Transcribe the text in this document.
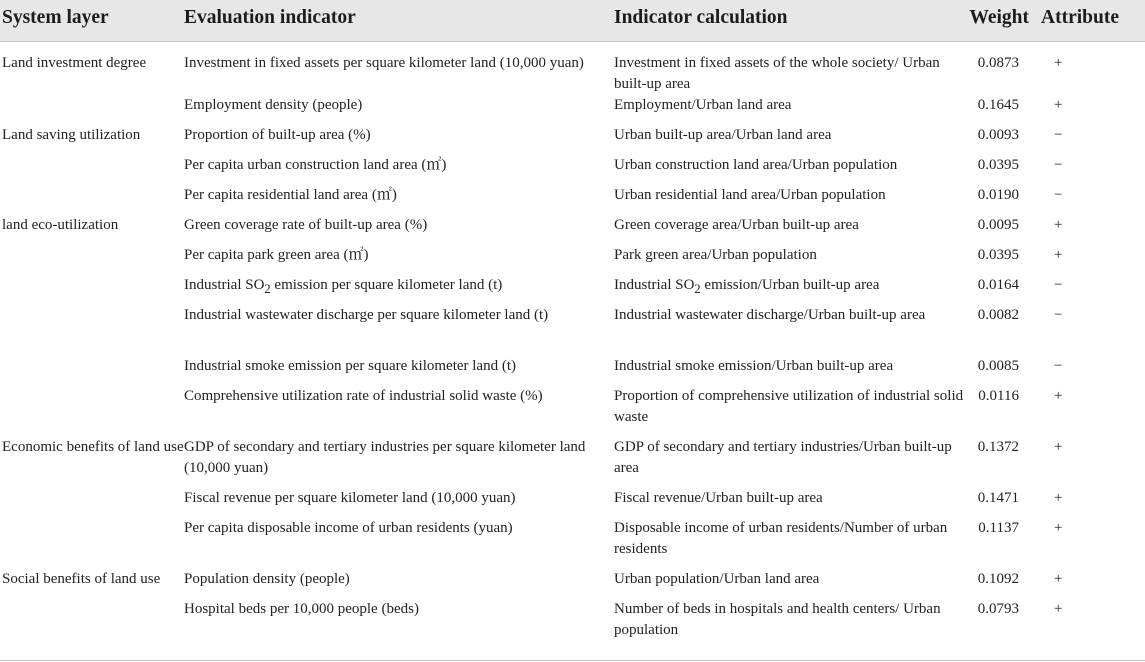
System layer	Evaluation indicator	Indicator calculation	Weight	Attribute
Land investment degree	Investment in fixed assets per square kilometer land (10,000 yuan)	Investment in fixed assets of the whole society/ Urban built-up area	0.0873	+
	Employment density (people)	Employment/Urban land area	0.1645	+
Land saving utilization	Proportion of built-up area (%)	Urban built-up area/Urban land area	0.0093	−
	Per capita urban construction land area (㎡)	Urban construction land area/Urban population	0.0395	−
	Per capita residential land area (㎡)	Urban residential land area/Urban population	0.0190	−
land eco-utilization	Green coverage rate of built-up area (%)	Green coverage area/Urban built-up area	0.0095	+
	Per capita park green area (㎡)	Park green area/Urban population	0.0395	+
	Industrial $SO_2$ emission per square kilometer land (t)	Industrial $SO_2$ emission/Urban built-up area	0.0164	−
	Industrial wastewater discharge per square kilometer land (t)	Industrial wastewater discharge/Urban built-up area	0.0082	−
	Industrial smoke emission per square kilometer land (t)	Industrial smoke emission/Urban built-up area	0.0085	−
	Comprehensive utilization rate of industrial solid waste (%)	Proportion of comprehensive utilization of industrial solid waste	0.0116	+
Economic benefits of land use	GDP of secondary and tertiary industries per square kilometer land (10,000 yuan)	GDP of secondary and tertiary industries/Urban built-up area	0.1372	+
	Fiscal revenue per square kilometer land (10,000 yuan)	Fiscal revenue/Urban built-up area	0.1471	+
	Per capita disposable income of urban residents (yuan)	Disposable income of urban residents/Number of urban residents	0.1137	+
Social benefits of land use	Population density (people)	Urban population/Urban land area	0.1092	+
	Hospital beds per 10,000 people (beds)	Number of beds in hospitals and health centers/ Urban population	0.0793	+
